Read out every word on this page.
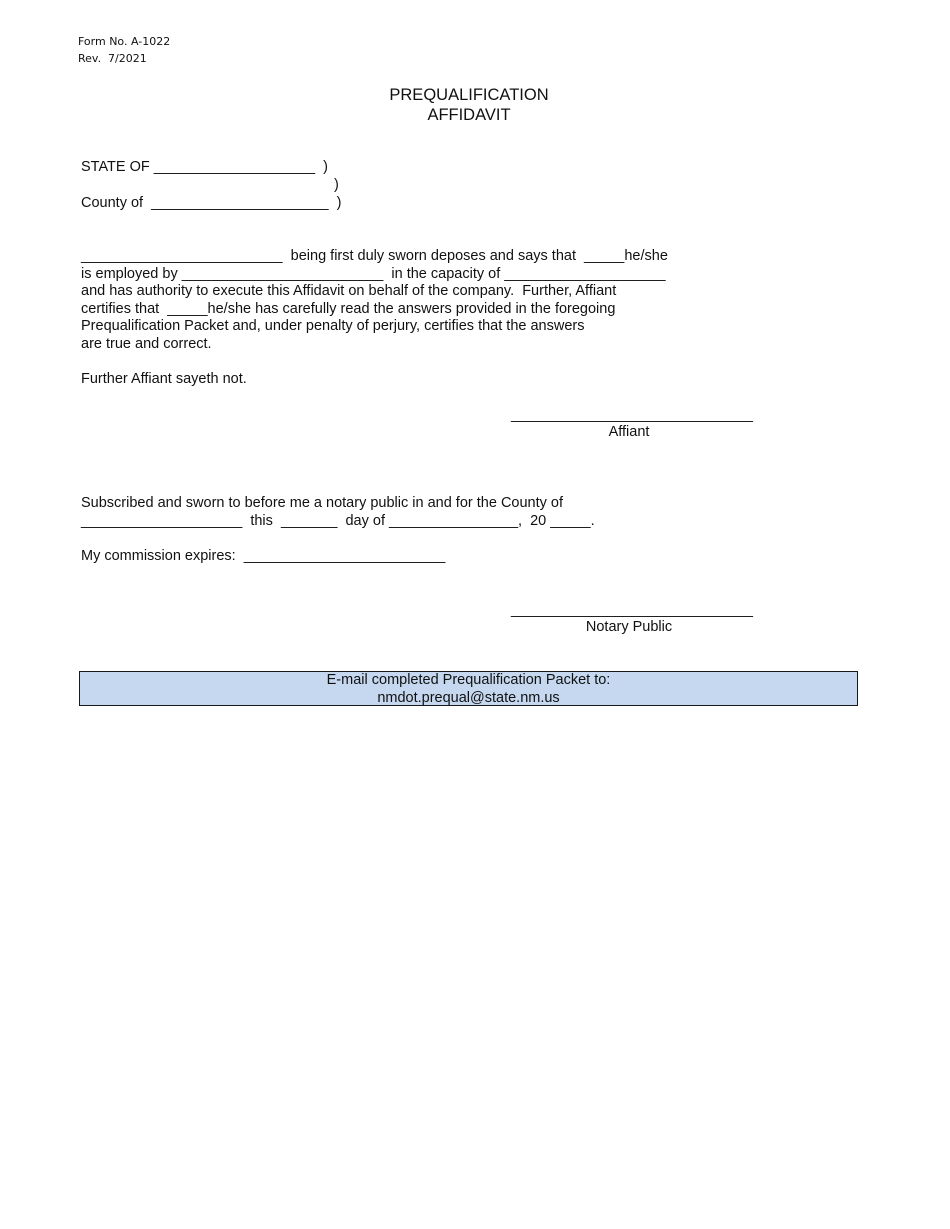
Form No. A-1022
Rev.  7/2021
PREQUALIFICATION
AFFIDAVIT
STATE OF ____________________  )
)
County of  ______________________  )
_________________________  being first duly sworn deposes and says that  _____he/she
is employed by _________________________  in the capacity of ____________________
and has authority to execute this Affidavit on behalf of the company.  Further, Affiant
certifies that  _____he/she has carefully read the answers provided in the foregoing
Prequalification Packet and, under penalty of perjury, certifies that the answers
are true and correct.
Further Affiant sayeth not.
______________________________
Affiant
Subscribed and sworn to before me a notary public in and for the County of
____________________  this  _______  day of ________________,  20 _____.
My commission expires:  _________________________
______________________________
Notary Public
E-mail completed Prequalification Packet to:
nmdot.prequal@state.nm.us
